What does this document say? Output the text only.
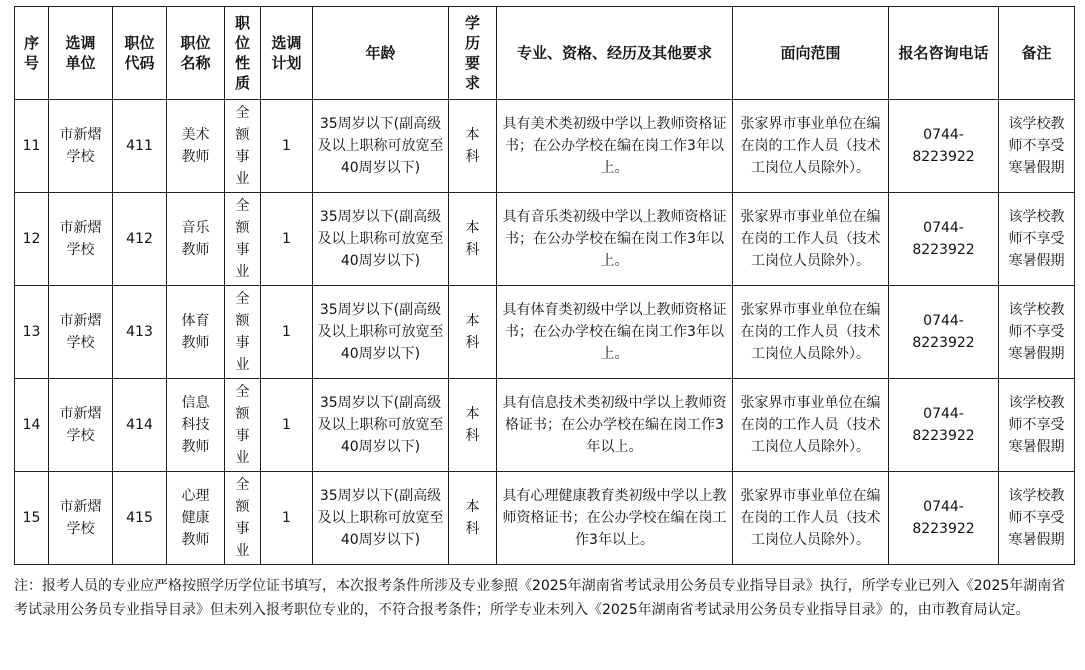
序号	选调单位	职位代码	职位名称	职位性质	选调计划	年龄	学历要求	专业、资格、经历及其他要求	面向范围	报名咨询电话	备注
11	市新熠学校	411	美术教师	全额事业	1	35周岁以下(副高级及以上职称可放宽至40周岁以下)	本科	具有美术类初级中学以上教师资格证书；在公办学校在编在岗工作3年以上。	张家界市事业单位在编在岗的工作人员（技术工岗位人员除外）。	0744-8223922	该学校教师不享受寒暑假期

12	市新熠学校	412	音乐教师	全额事业	1	35周岁以下(副高级及以上职称可放宽至40周岁以下)	本科	具有音乐类初级中学以上教师资格证书；在公办学校在编在岗工作3年以上。	张家界市事业单位在编在岗的工作人员（技术工岗位人员除外）。	0744-8223922	该学校教师不享受寒暑假期

13	市新熠学校	413	体育教师	全额事业	1	35周岁以下(副高级及以上职称可放宽至40周岁以下)	本科	具有体育类初级中学以上教师资格证书；在公办学校在编在岗工作3年以上。	张家界市事业单位在编在岗的工作人员（技术工岗位人员除外）。	0744-8223922	该学校教师不享受寒暑假期

14	市新熠学校	414	信息科技教师	全额事业	1	35周岁以下(副高级及以上职称可放宽至40周岁以下)	本科	具有信息技术类初级中学以上教师资格证书；在公办学校在编在岗工作3年以上。	张家界市事业单位在编在岗的工作人员（技术工岗位人员除外）。	0744-8223922	该学校教师不享受寒暑假期

15	市新熠学校	415	心理健康教师	全额事业	1	35周岁以下(副高级及以上职称可放宽至40周岁以下)	本科	具有心理健康教育类初级中学以上教师资格证书；在公办学校在编在岗工作3年以上。	张家界市事业单位在编在岗的工作人员（技术工岗位人员除外）。	0744-8223922	该学校教师不享受寒暑假期
注：报考人员的专业应严格按照学历学位证书填写，本次报考条件所涉及专业参照《2025年湖南省考试录用公务员专业指导目录》执行，所学专业已列入《2025年湖南省考试录用公务员专业指导目录》但未列入报考职位专业的，不符合报考条件；所学专业未列入《2025年湖南省考试录用公务员专业指导目录》的，由市教育局认定。
